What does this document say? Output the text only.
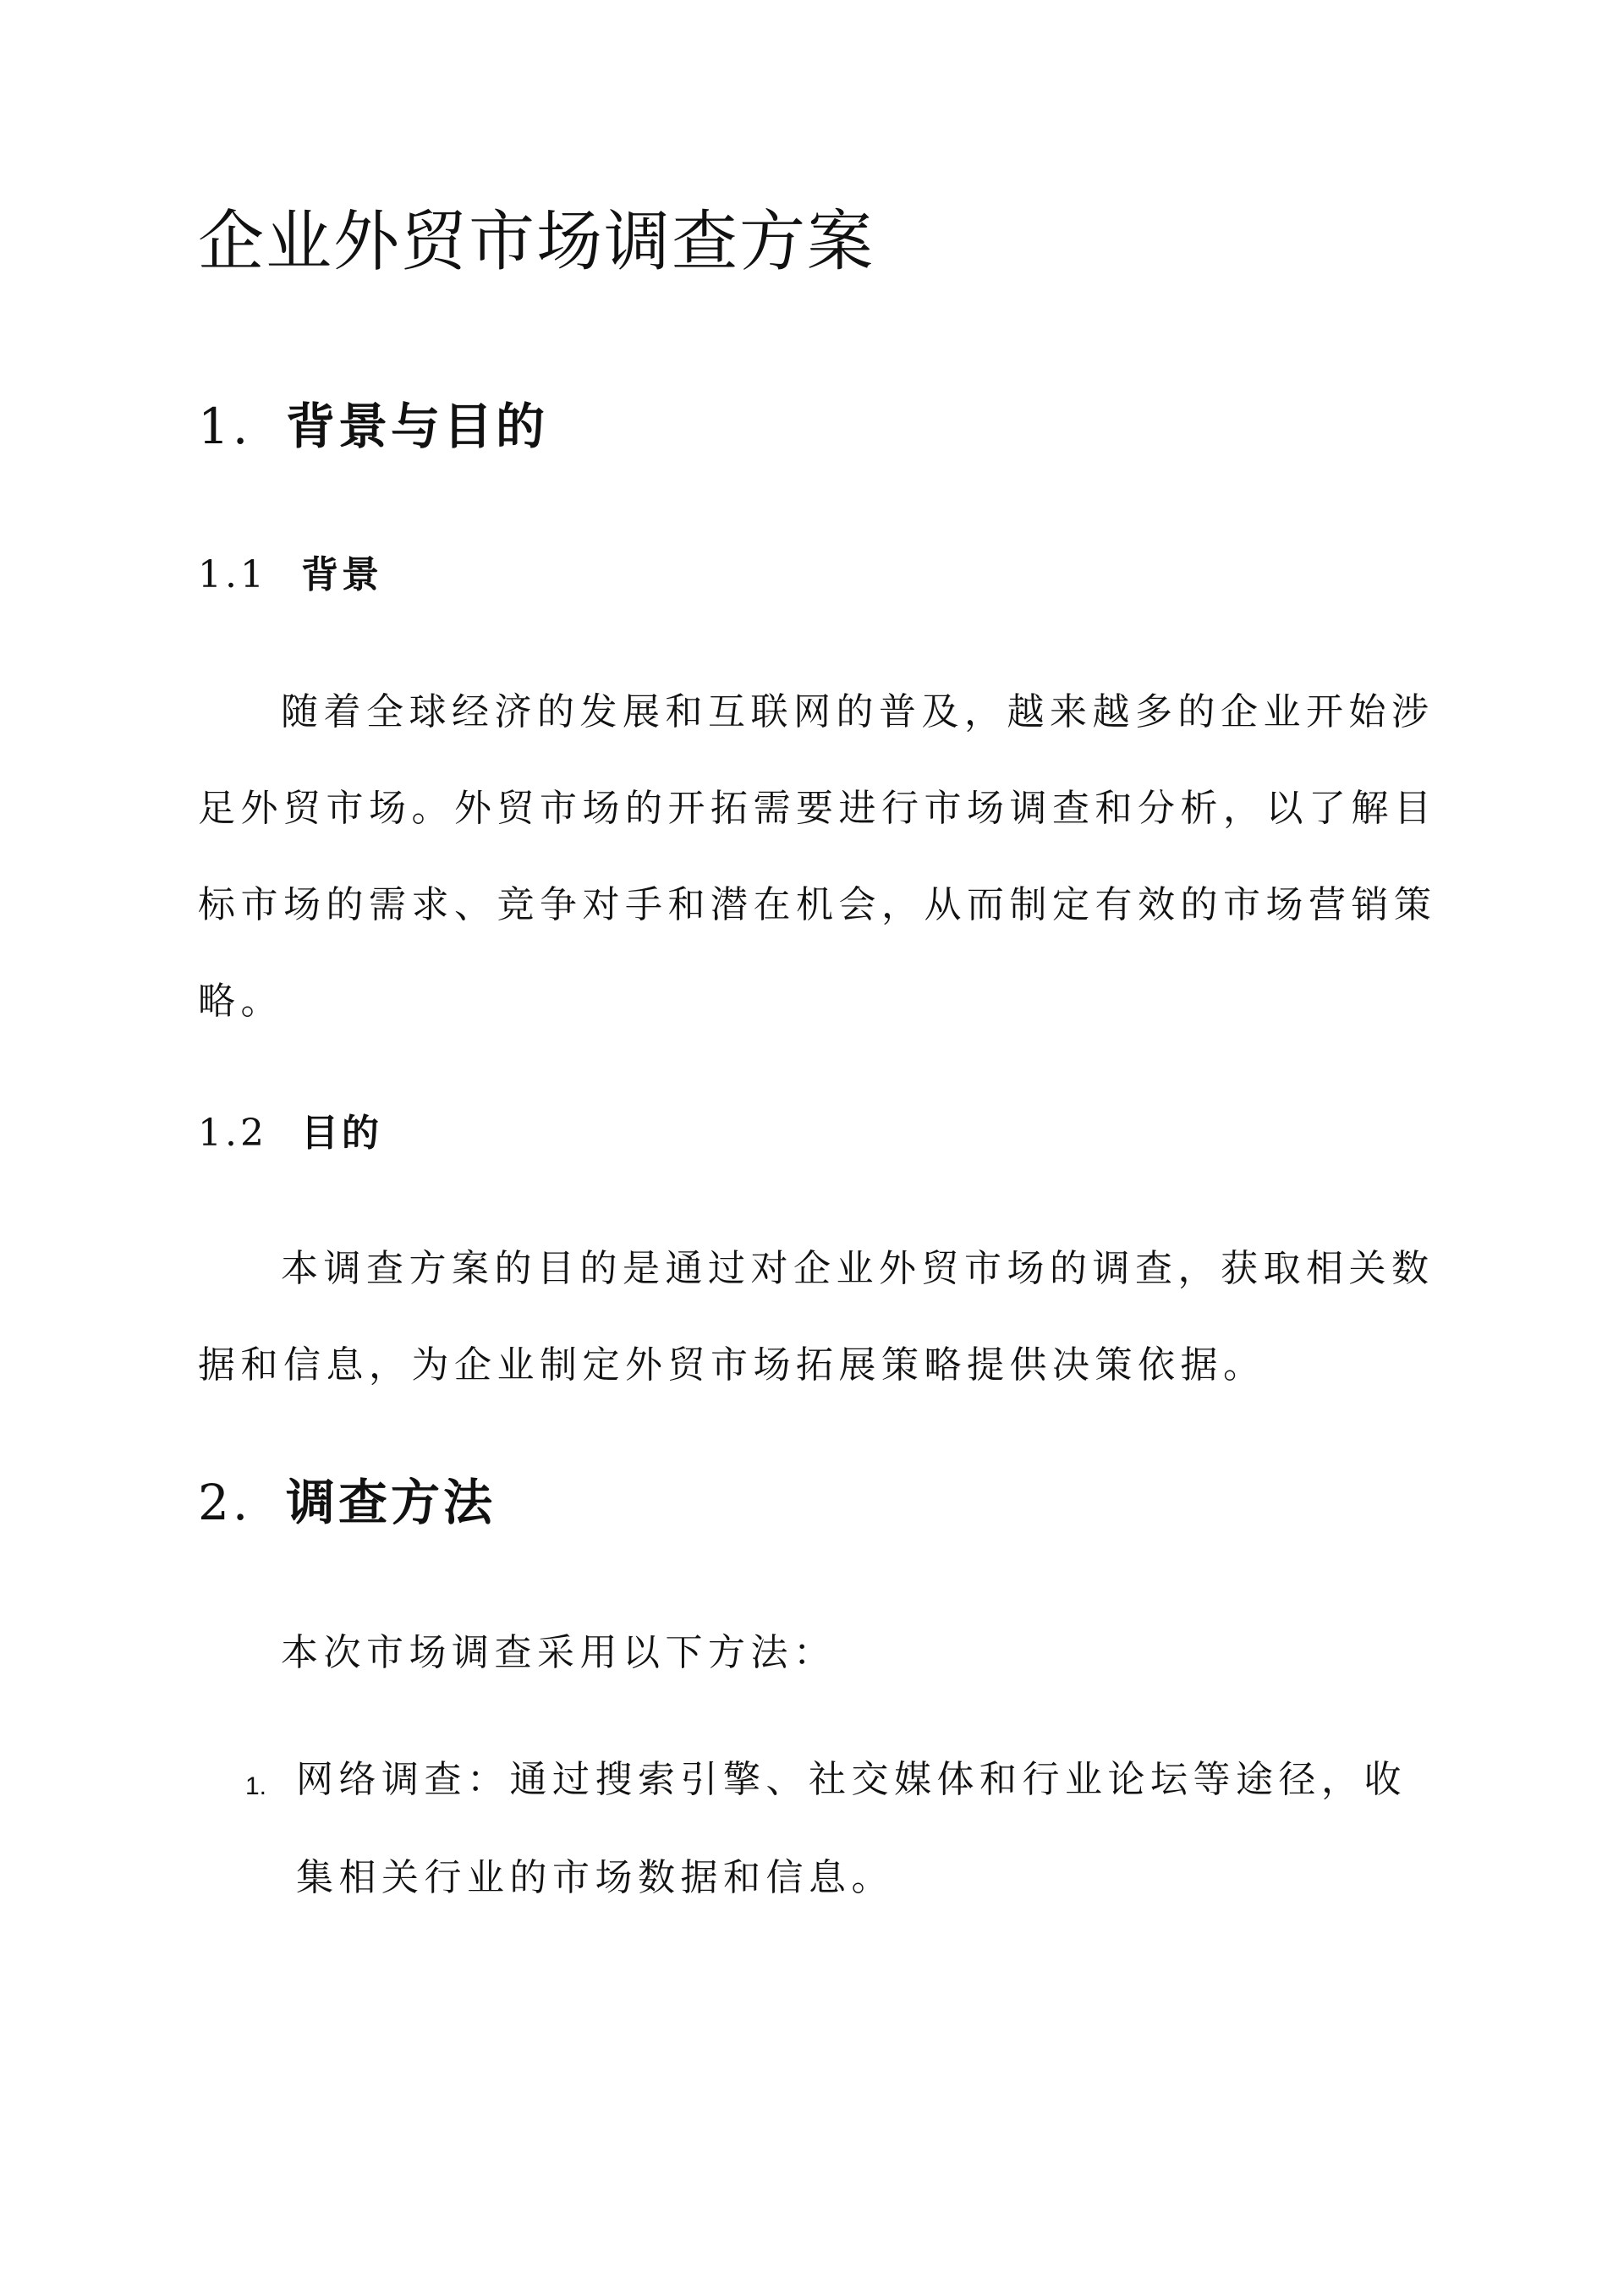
企业外贸市场调查方案
1. 背景与目的
1.1 背景

随着全球经济的发展和互联网的普及，越来越多的企业开始涉

足外贸市场。外贸市场的开拓需要进行市场调查和分析，以了解目

标市场的需求、竞争对手和潜在机会，从而制定有效的市场营销策

略。

1.2 目的

本调查方案的目的是通过对企业外贸市场的调查，获取相关数

据和信息，为企业制定外贸市场拓展策略提供决策依据。

2. 调查方法

本次市场调查采用以下方法：

1. 网络调查：通过搜索引擎、社交媒体和行业论坛等途径，收

集相关行业的市场数据和信息。
